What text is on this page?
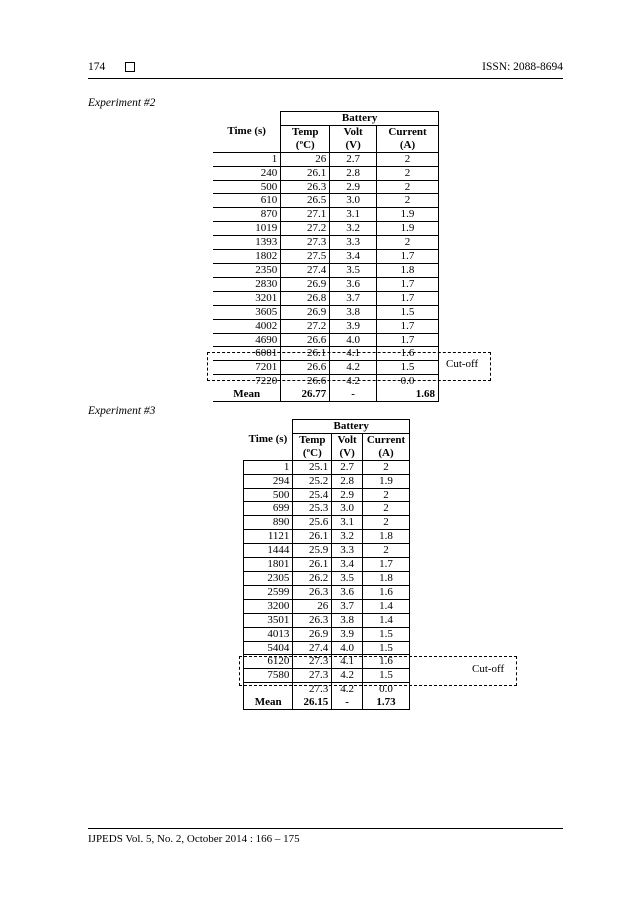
174	ISSN: 2088-8694
Experiment #2
	Battery		
Time (s)	Temp	Volt	Current
	(ºC)	(V)	(A)
1	26	2.7	2
240	26.1	2.8	2
500	26.3	2.9	2
610	26.5	3.0	2
870	27.1	3.1	1.9
1019	27.2	3.2	1.9
1393	27.3	3.3	2
1802	27.5	3.4	1.7
2350	27.4	3.5	1.8
2830	26.9	3.6	1.7
3201	26.8	3.7	1.7
3605	26.9	3.8	1.5
4002	27.2	3.9	1.7
4690	26.6	4.0	1.7
6001	26.1	4.1	1.6
7201	26.6	4.2	1.5
7220	26.6	4.2	0.0
Mean	26.77	-	1.68
Cut-off
Experiment #3
	Battery		
Time (s)	Temp	Volt	Current
	(ºC)	(V)	(A)
1	25.1	2.7	2
294	25.2	2.8	1.9
500	25.4	2.9	2
699	25.3	3.0	2
890	25.6	3.1	2
1121	26.1	3.2	1.8
1444	25.9	3.3	2
1801	26.1	3.4	1.7
2305	26.2	3.5	1.8
2599	26.3	3.6	1.6
3200	26	3.7	1.4
3501	26.3	3.8	1.4
4013	26.9	3.9	1.5
5404	27.4	4.0	1.5
6120	27.3	4.1	1.6
7580	27.3	4.2	1.5
	27.3	4.2	0.0
Mean	26.15	-	1.73
Cut-off
IJPEDS Vol. 5, No. 2, October 2014 : 166 – 175
